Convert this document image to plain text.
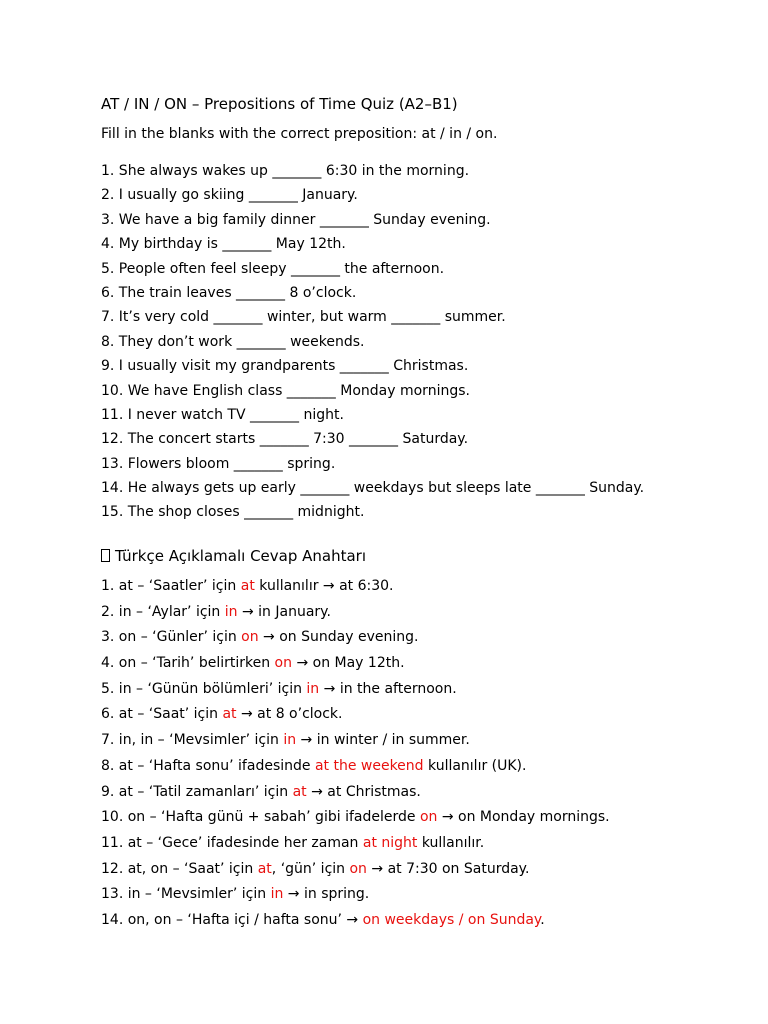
AT / IN / ON – Prepositions of Time Quiz (A2–B1)
Fill in the blanks with the correct preposition: at / in / on.
1. She always wakes up _______ 6:30 in the morning.
2. I usually go skiing _______ January.
3. We have a big family dinner _______ Sunday evening.
4. My birthday is _______ May 12th.
5. People often feel sleepy _______ the afternoon.
6. The train leaves _______ 8 o’clock.
7. It’s very cold _______ winter, but warm _______ summer.
8. They don’t work _______ weekends.
9. I usually visit my grandparents _______ Christmas.
10. We have English class _______ Monday mornings.
11. I never watch TV _______ night.
12. The concert starts _______ 7:30 _______ Saturday.
13. Flowers bloom _______ spring.
14. He always gets up early _______ weekdays but sleeps late _______ Sunday.
15. The shop closes _______ midnight.
Türkçe Açıklamalı Cevap Anahtarı
1. at – ‘Saatler’ için at kullanılır → at 6:30.
2. in – ‘Aylar’ için in → in January.
3. on – ‘Günler’ için on → on Sunday evening.
4. on – ‘Tarih’ belirtirken on → on May 12th.
5. in – ‘Günün bölümleri’ için in → in the afternoon.
6. at – ‘Saat’ için at → at 8 o’clock.
7. in, in – ‘Mevsimler’ için in → in winter / in summer.
8. at – ‘Hafta sonu’ ifadesinde at the weekend kullanılır (UK).
9. at – ‘Tatil zamanları’ için at → at Christmas.
10. on – ‘Hafta günü + sabah’ gibi ifadelerde on → on Monday mornings.
11. at – ‘Gece’ ifadesinde her zaman at night kullanılır.
12. at, on – ‘Saat’ için at, ‘gün’ için on → at 7:30 on Saturday.
13. in – ‘Mevsimler’ için in → in spring.
14. on, on – ‘Hafta içi / hafta sonu’ → on weekdays / on Sunday.
